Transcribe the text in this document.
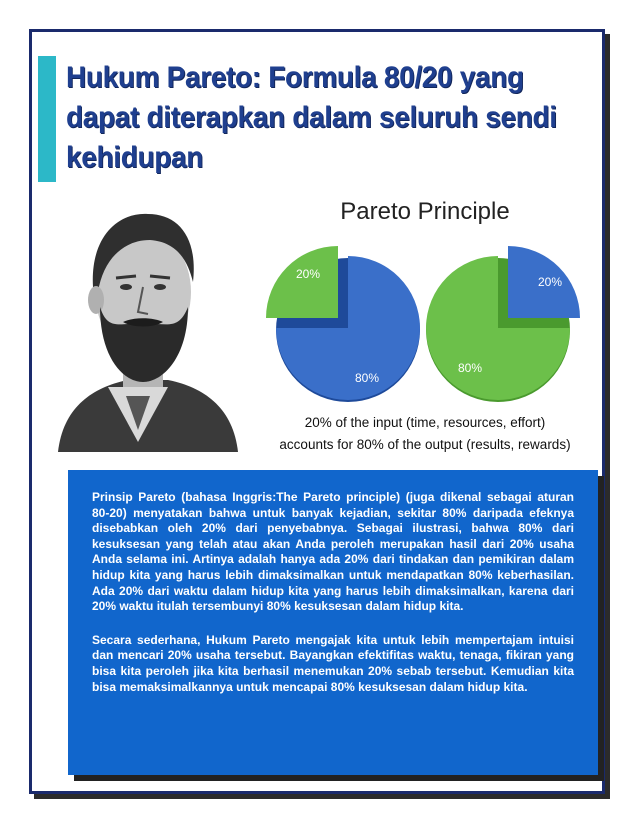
Hukum Pareto: Formula 80/20 yang dapat diterapkan dalam seluruh sendi kehidupan
Pareto Principle
20%
80%
20%
80%
20% of the input (time, resources, effort)
accounts for 80% of the output (results, rewards)

Prinsip Pareto (bahasa Inggris:The Pareto principle) (juga dikenal sebagai aturan 80-20) menyatakan bahwa untuk banyak kejadian, sekitar 80% daripada efeknya disebabkan oleh 20% dari penyebabnya. Sebagai ilustrasi, bahwa 80% dari kesuksesan yang telah atau akan Anda peroleh merupakan hasil dari 20% usaha Anda selama ini. Artinya adalah hanya ada 20% dari tindakan dan pemikiran dalam hidup kita yang harus lebih dimaksimalkan untuk mendapatkan 80% keberhasilan. Ada 20% dari waktu dalam hidup kita yang harus lebih dimaksimalkan, karena dari 20% waktu itulah tersembunyi 80% kesuksesan dalam hidup kita.

Secara sederhana, Hukum Pareto mengajak kita untuk lebih mempertajam intuisi dan mencari 20% usaha tersebut. Bayangkan efektifitas waktu, tenaga, fikiran yang bisa kita peroleh jika kita berhasil menemukan 20% sebab tersebut. Kemudian kita bisa memaksimalkannya untuk mencapai 80% kesuksesan dalam hidup kita.
